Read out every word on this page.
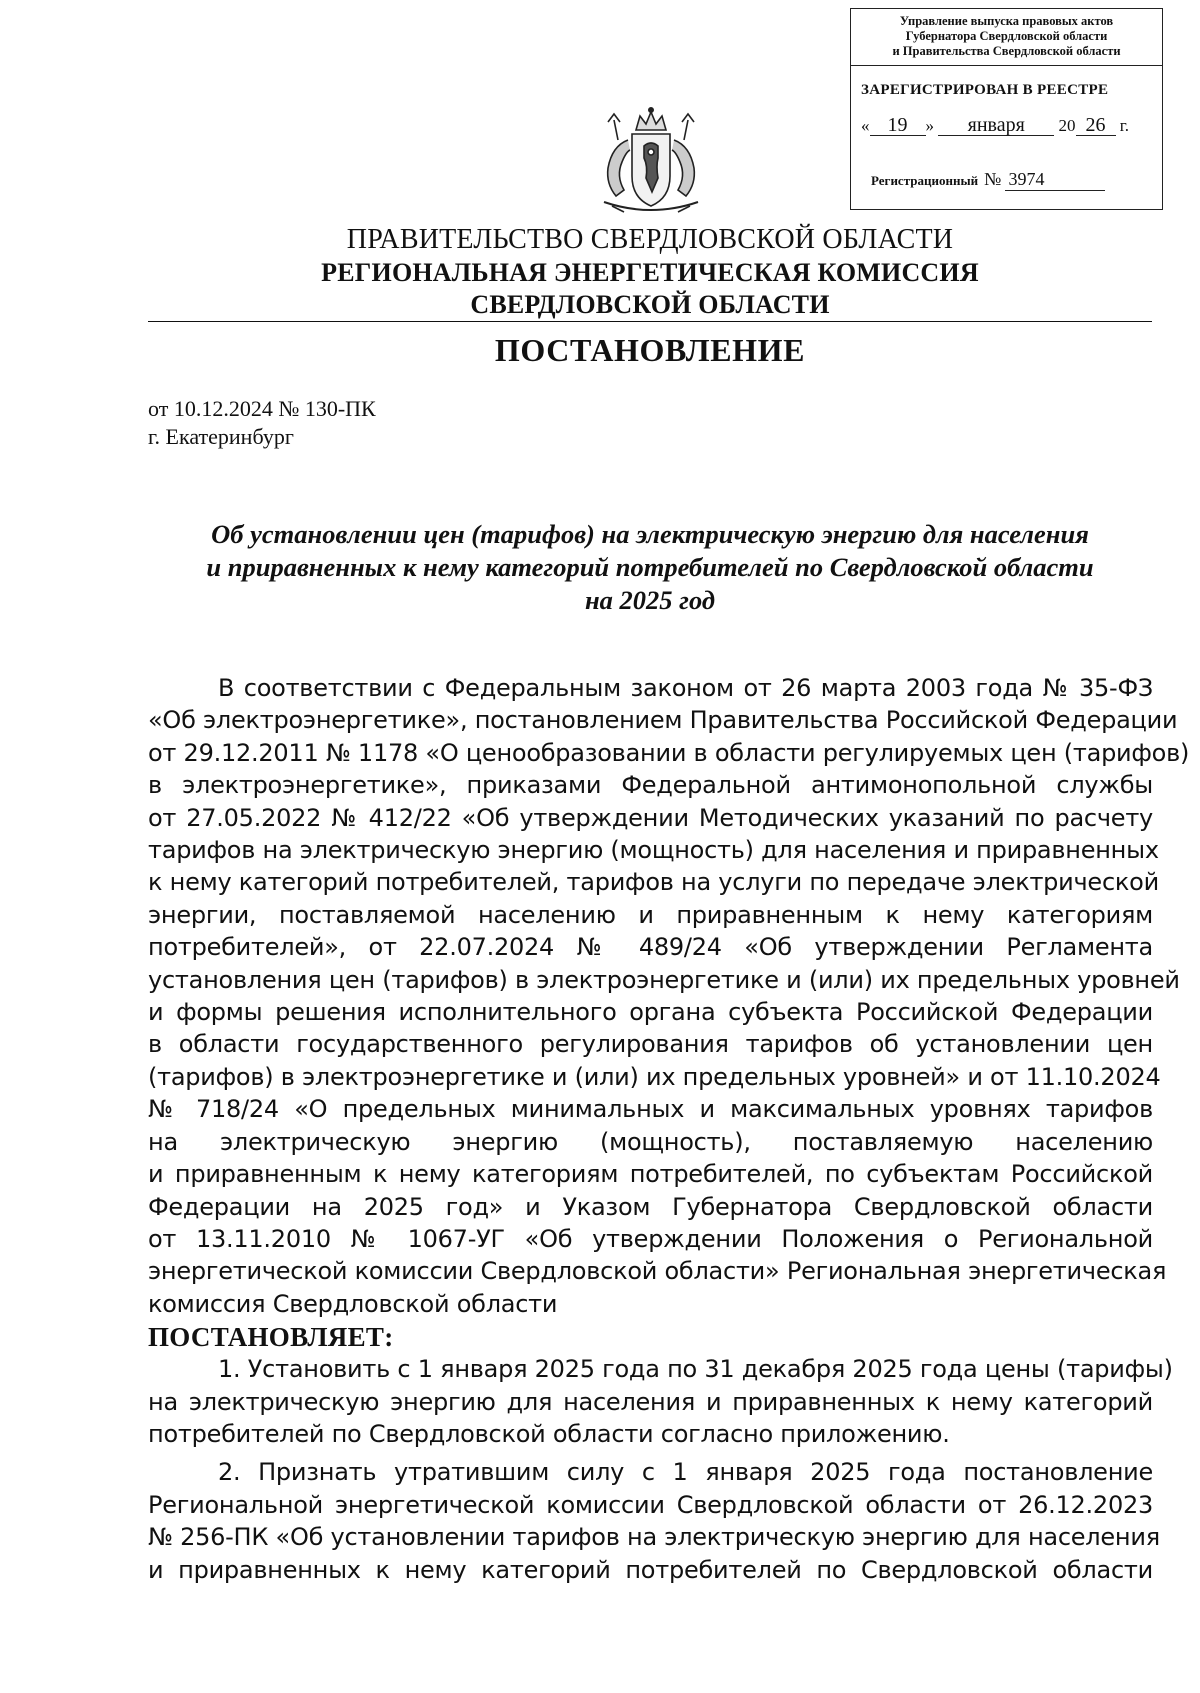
Управление выпуска правовых актов
Губернатора Свердловской области
и Правительства Свердловской области
ЗАРЕГИСТРИРОВАН В РЕЕСТРЕ
« 19 » января 20 26 г.
Регистрационный № 3974
ПРАВИТЕЛЬСТВО СВЕРДЛОВСКОЙ ОБЛАСТИ
РЕГИОНАЛЬНАЯ ЭНЕРГЕТИЧЕСКАЯ КОМИССИЯ
СВЕРДЛОВСКОЙ ОБЛАСТИ
ПОСТАНОВЛЕНИЕ
от 10.12.2024 № 130-ПК
г. Екатеринбург
Об установлении цен (тарифов) на электрическую энергию для населения
и приравненных к нему категорий потребителей по Свердловской области
на 2025 год
В соответствии с Федеральным законом от 26 марта 2003 года № 35-ФЗ
«Об электроэнергетике», постановлением Правительства Российской Федерации
от 29.12.2011 № 1178 «О ценообразовании в области регулируемых цен (тарифов)
в электроэнергетике», приказами Федеральной антимонопольной службы
от 27.05.2022 № 412/22 «Об утверждении Методических указаний по расчету
тарифов на электрическую энергию (мощность) для населения и приравненных
к нему категорий потребителей, тарифов на услуги по передаче электрической
энергии, поставляемой населению и приравненным к нему категориям
потребителей», от 22.07.2024 № 489/24 «Об утверждении Регламента
установления цен (тарифов) в электроэнергетике и (или) их предельных уровней
и формы решения исполнительного органа субъекта Российской Федерации
в области государственного регулирования тарифов об установлении цен
(тарифов) в электроэнергетике и (или) их предельных уровней» и от 11.10.2024
№ 718/24 «О предельных минимальных и максимальных уровнях тарифов
на электрическую энергию (мощность), поставляемую населению
и приравненным к нему категориям потребителей, по субъектам Российской
Федерации на 2025 год» и Указом Губернатора Свердловской области
от 13.11.2010 № 1067-УГ «Об утверждении Положения о Региональной
энергетической комиссии Свердловской области» Региональная энергетическая
комиссия Свердловской области
ПОСТАНОВЛЯЕТ:
1. Установить с 1 января 2025 года по 31 декабря 2025 года цены (тарифы)
на электрическую энергию для населения и приравненных к нему категорий
потребителей по Свердловской области согласно приложению.
2. Признать утратившим силу с 1 января 2025 года постановление
Региональной энергетической комиссии Свердловской области от 26.12.2023
№ 256-ПК «Об установлении тарифов на электрическую энергию для населения
и приравненных к нему категорий потребителей по Свердловской области
